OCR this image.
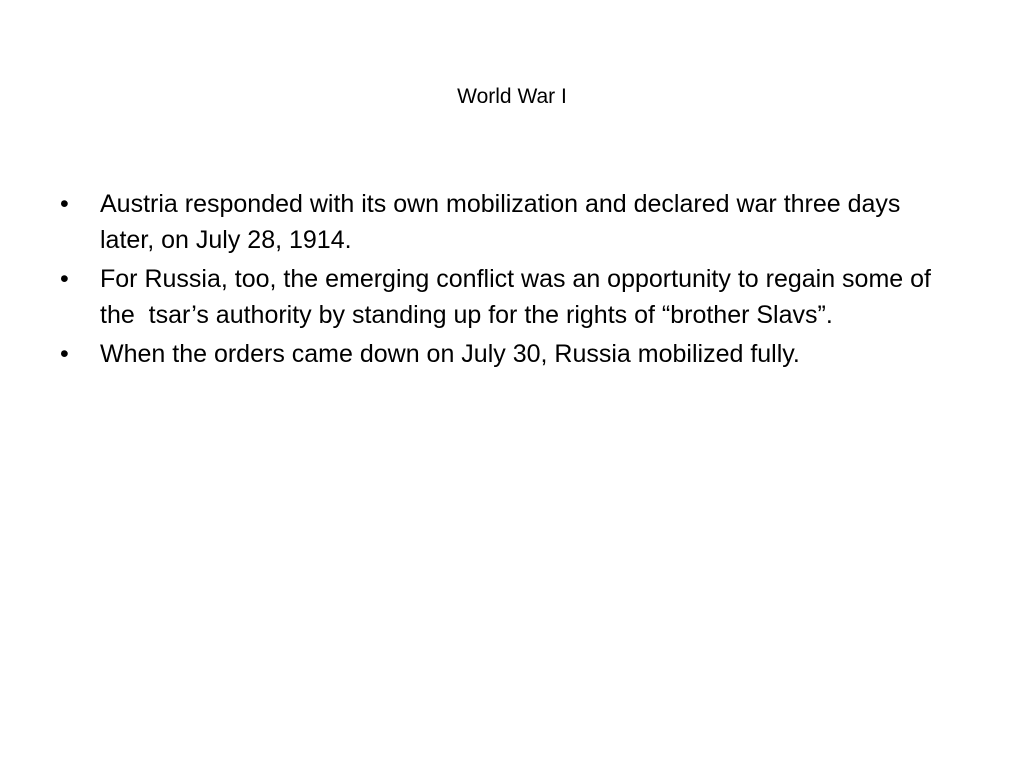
World War I
•	Austria responded with its own mobilization and declared war three days later, on July 28, 1914.
•	For Russia, too, the emerging conflict was an opportunity to regain some of the  tsar’s authority by standing up for the rights of “brother Slavs”.
•	When the orders came down on July 30, Russia mobilized fully.
